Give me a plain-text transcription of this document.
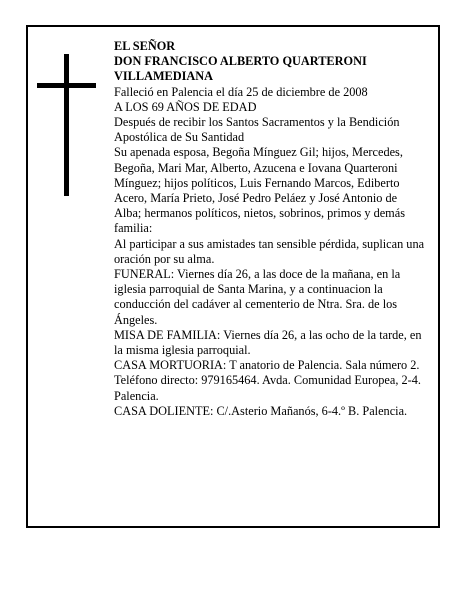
EL SEÑOR

DON FRANCISCO ALBERTO QUARTERONI VILLAMEDIANA

Falleció en Palencia el día 25 de diciembre de 2008

A LOS 69 AÑOS DE EDAD

Después de recibir los Santos Sacramentos y la Bendición Apostólica de Su Santidad

Su apenada esposa, Begoña Mínguez Gil; hijos, Mercedes, Begoña, Mari Mar, Alberto, Azucena e Iovana Quarteroni Mínguez; hijos políticos, Luis Fernando Marcos, Ediberto Acero, María Prieto, José Pedro Peláez y José Antonio de Alba; hermanos políticos, nietos, sobrinos, primos y demás familia:

Al participar a sus amistades tan sensible pérdida, suplican una oración por su alma.

FUNERAL: Viernes día 26, a las doce de la mañana, en la iglesia parroquial de Santa Marina, y a continuacion la conducción del cadáver al cementerio de Ntra. Sra. de los Ángeles.

MISA DE FAMILIA: Viernes día 26, a las ocho de la tarde, en la misma iglesia parroquial.

CASA MORTUORIA: T anatorio de Palencia. Sala número 2. Teléfono directo: 979165464. Avda. Comunidad Europea, 2-4. Palencia.

CASA DOLIENTE: C/.Asterio Mañanós, 6-4.º B. Palencia.
